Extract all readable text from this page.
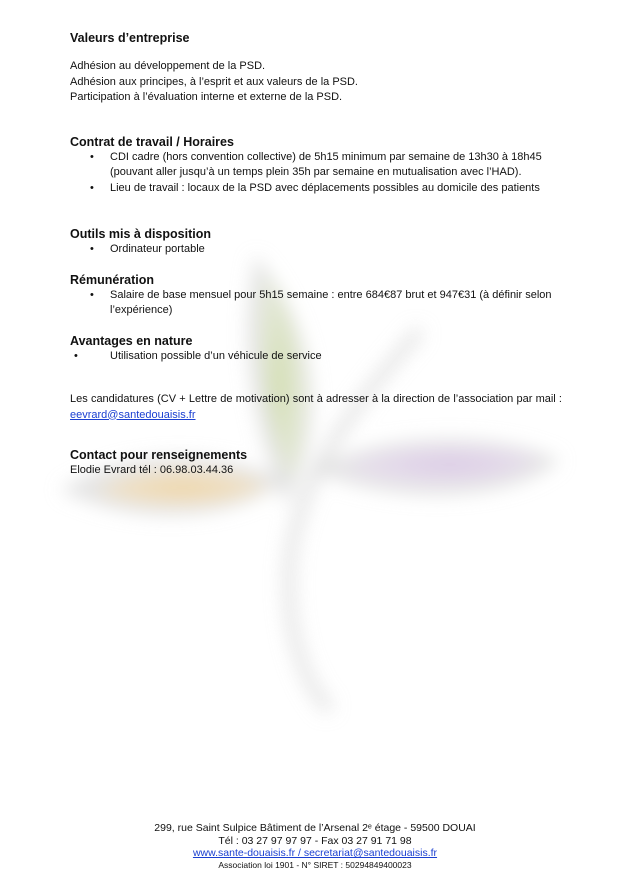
Valeurs d’entreprise

Adhésion au développement de la PSD.

Adhésion aux principes, à l’esprit et aux valeurs de la PSD.

Participation à l’évaluation interne et externe de la PSD.

Contrat de travail / Horaires
• CDI cadre (hors convention collective) de 5h15 minimum par semaine de 13h30 à 18h45 (pouvant aller jusqu’à un temps plein 35h par semaine en mutualisation avec l’HAD).
• Lieu de travail : locaux de la PSD avec déplacements possibles au domicile des patients
Outils mis à disposition
• Ordinateur portable
Rémunération
• Salaire de base mensuel pour 5h15 semaine : entre 684€87 brut et 947€31 (à définir selon l’expérience)
Avantages en nature
• Utilisation possible d’un véhicule de service

Les candidatures (CV + Lettre de motivation) sont à adresser à la direction de l’association par mail : eevrard@santedouaisis.fr

Contact pour renseignements

Elodie Evrard tél : 06.98.03.44.36

299, rue Saint Sulpice Bâtiment de l’Arsenal 2ᵉ étage - 59500 DOUAI
Tél : 03 27 97 97 97 - Fax 03 27 91 71 98
www.sante-douaisis.fr / secretariat@santedouaisis.fr
Association loi 1901 - N° SIRET : 50294849400023
